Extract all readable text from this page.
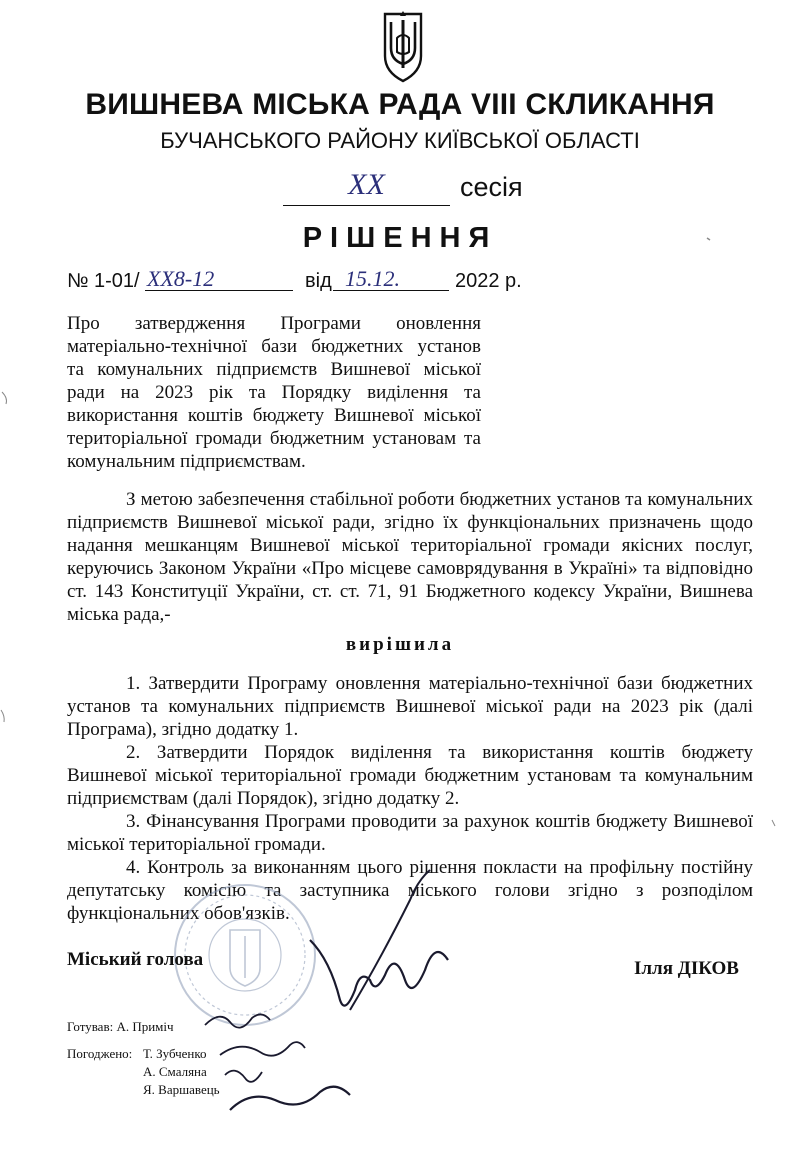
ВИШНЕВА МІСЬКА РАДА VIII СКЛИКАННЯ
БУЧАНСЬКОГО РАЙОНУ КИЇВСЬКОЇ ОБЛАСТІ
XX	сесія
РІШЕННЯ
№ 1-01/ XX8-12	від 15.12.	2022 р.
Про затвердження Програми оновлення
матеріально-технічної бази бюджетних установ
та комунальних підприємств Вишневої міської
ради на 2023 рік та Порядку виділення та
використання коштів бюджету Вишневої міської
територіальної громади бюджетним установам та
комунальним підприємствам.
З метою забезпечення стабільної роботи бюджетних установ та комунальних
підприємств Вишневої міської ради, згідно їх функціональних призначень щодо
надання мешканцям Вишневої міської територіальної громади якісних послуг,
керуючись Законом України «Про місцеве самоврядування в Україні» та відповідно
ст. 143 Конституції України, ст. ст. 71, 91 Бюджетного кодексу України, Вишнева
міська рада,-
вирішила
1. Затвердити Програму оновлення матеріально-технічної бази бюджетних
установ та комунальних підприємств Вишневої міської ради на 2023 рік (далі
Програма), згідно додатку 1.
2. Затвердити Порядок виділення та використання коштів бюджету
Вишневої міської територіальної громади бюджетним установам та комунальним
підприємствам (далі Порядок), згідно додатку 2.
3. Фінансування Програми проводити за рахунок коштів бюджету Вишневої
міської територіальної громади.
4. Контроль за виконанням цього рішення покласти на профільну постійну
депутатську комісію та заступника міського голови згідно з розподілом
функціональних обов'язків.
Міський голова	Ілля ДІКОВ
Готував: А. Приміч
Погоджено: Т. Зубченко
А. Смаляна
Я. Варшавець
